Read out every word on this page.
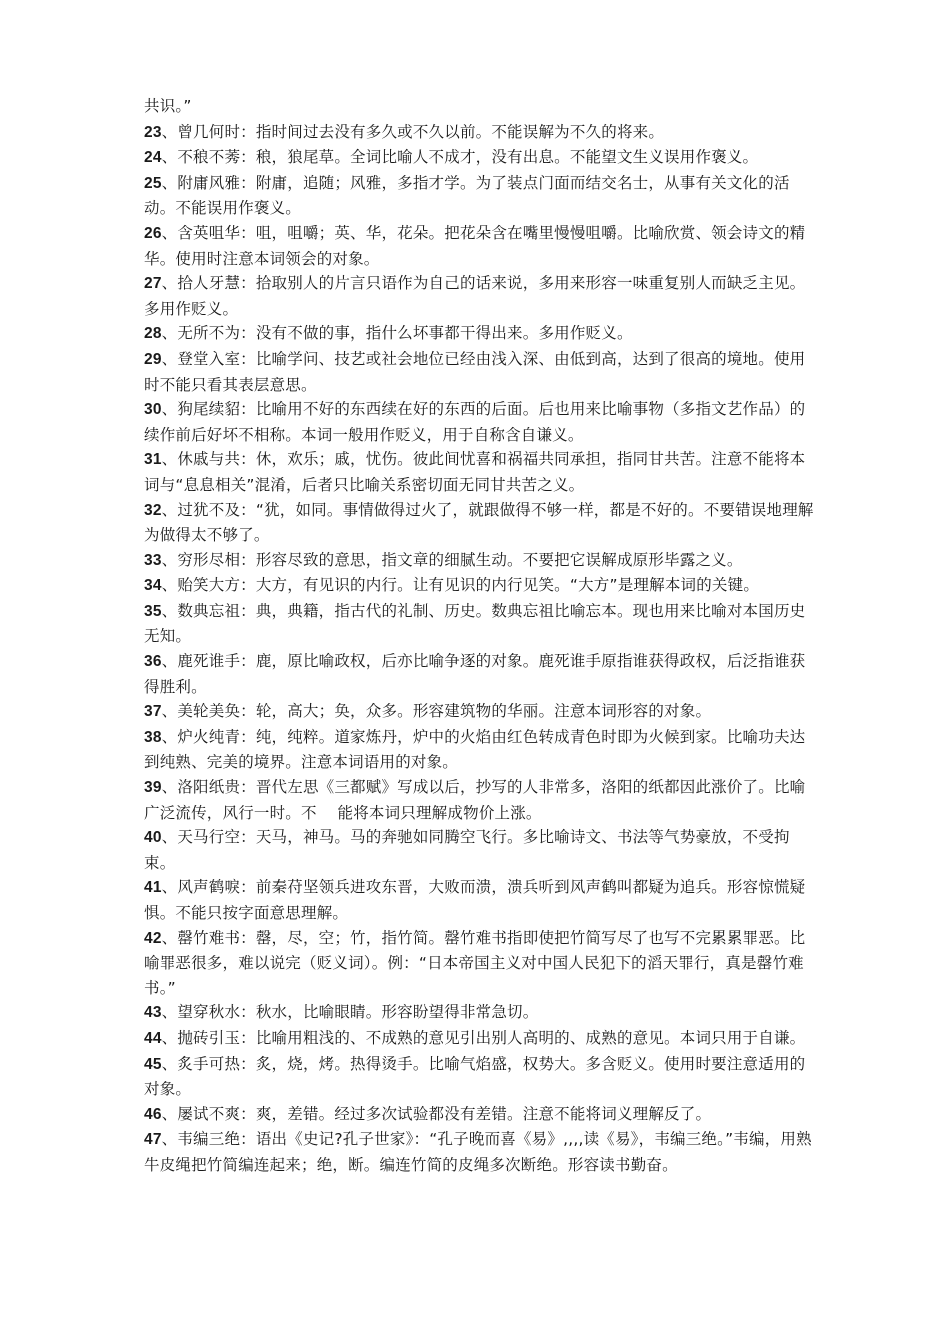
共识。”

23、曾几何时：指时间过去没有多久或不久以前。不能误解为不久的将来。

24、不稂不莠：稂，狼尾草。全词比喻人不成才，没有出息。不能望文生义误用作褒义。

25、附庸风雅：附庸，追随；风雅，多指才学。为了装点门面而结交名士，从事有关文化的活动。不能误用作褒义。

26、含英咀华：咀，咀嚼；英、华，花朵。把花朵含在嘴里慢慢咀嚼。比喻欣赏、领会诗文的精华。使用时注意本词领会的对象。

27、拾人牙慧：拾取别人的片言只语作为自己的话来说，多用来形容一味重复别人而缺乏主见。多用作贬义。

28、无所不为：没有不做的事，指什么坏事都干得出来。多用作贬义。

29、登堂入室：比喻学问、技艺或社会地位已经由浅入深、由低到高，达到了很高的境地。使用时不能只看其表层意思。

30、狗尾续貂：比喻用不好的东西续在好的东西的后面。后也用来比喻事物（多指文艺作品）的续作前后好坏不相称。本词一般用作贬义，用于自称含自谦义。

31、休戚与共：休，欢乐；戚，忧伤。彼此间忧喜和祸福共同承担，指同甘共苦。注意不能将本词与“息息相关”混淆，后者只比喻关系密切面无同甘共苦之义。

32、过犹不及：“犹，如同。事情做得过火了，就跟做得不够一样，都是不好的。不要错误地理解为做得太不够了。

33、穷形尽相：形容尽致的意思，指文章的细腻生动。不要把它误解成原形毕露之义。

34、贻笑大方：大方，有见识的内行。让有见识的内行见笑。“大方”是理解本词的关键。

35、数典忘祖：典，典籍，指古代的礼制、历史。数典忘祖比喻忘本。现也用来比喻对本国历史无知。

36、鹿死谁手：鹿，原比喻政权，后亦比喻争逐的对象。鹿死谁手原指谁获得政权，后泛指谁获得胜利。

37、美轮美奂：轮，高大；奂，众多。形容建筑物的华丽。注意本词形容的对象。

38、炉火纯青：纯，纯粹。道家炼丹，炉中的火焰由红色转成青色时即为火候到家。比喻功夫达到纯熟、完美的境界。注意本词语用的对象。

39、洛阳纸贵：晋代左思《三都赋》写成以后，抄写的人非常多，洛阳的纸都因此涨价了。比喻广泛流传，风行一时。不　 能将本词只理解成物价上涨。

40、天马行空：天马，神马。马的奔驰如同腾空飞行。多比喻诗文、书法等气势豪放，不受拘束。

41、风声鹤唳：前秦苻坚领兵进攻东晋，大败而溃，溃兵听到风声鹤叫都疑为追兵。形容惊慌疑惧。不能只按字面意思理解。

42、罄竹难书：罄，尽，空；竹，指竹简。罄竹难书指即使把竹简写尽了也写不完累累罪恶。比喻罪恶很多，难以说完（贬义词）。例：“日本帝国主义对中国人民犯下的滔天罪行，真是罄竹难书。”

43、望穿秋水：秋水，比喻眼睛。形容盼望得非常急切。

44、抛砖引玉：比喻用粗浅的、不成熟的意见引出别人高明的、成熟的意见。本词只用于自谦。

45、炙手可热：炙，烧，烤。热得烫手。比喻气焰盛，权势大。多含贬义。使用时要注意适用的对象。

46、屡试不爽：爽，差错。经过多次试验都没有差错。注意不能将词义理解反了。

47、韦编三绝：语出《史记?孔子世家》：“孔子晚而喜《易》,,,,读《易》，韦编三绝。”韦编，用熟牛皮绳把竹简编连起来；绝，断。编连竹简的皮绳多次断绝。形容读书勤奋。
